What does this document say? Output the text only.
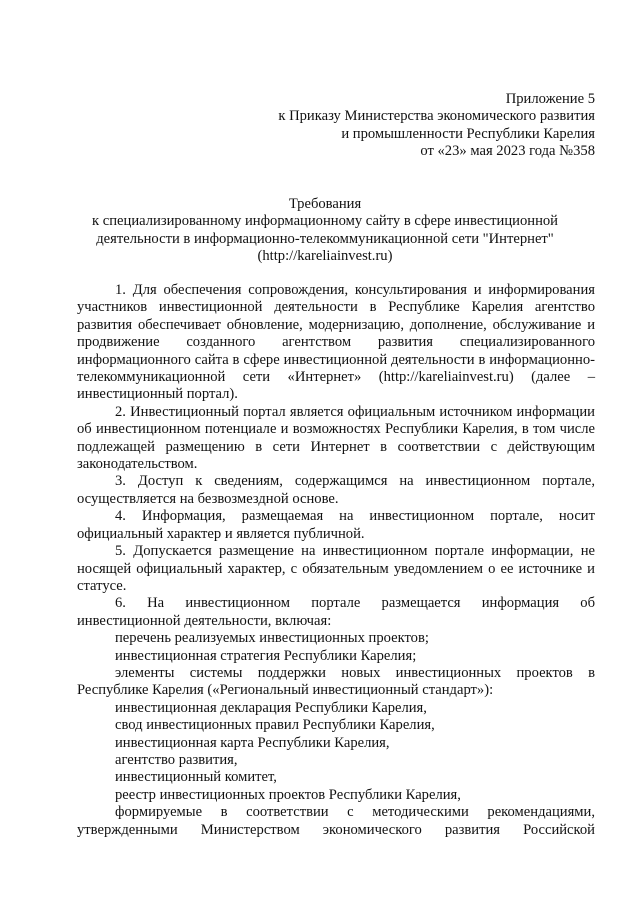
Приложение 5
к Приказу Министерства экономического развития
и промышленности Республики Карелия
от «23» мая 2023 года №358
Требования
к специализированному информационному сайту в сфере инвестиционной
деятельности в информационно-телекоммуникационной сети "Интернет"
(http://kareliainvest.ru)

1. Для обеспечения сопровождения, консультирования и информирования участников инвестиционной деятельности в Республике Карелия агентство развития обеспечивает обновление, модернизацию, дополнение, обслуживание и продвижение созданного агентством развития специализированного информационного сайта в сфере инвестиционной деятельности в информационно-телекоммуникационной сети «Интернет» (http://kareliainvest.ru) (далее – инвестиционный портал).

2. Инвестиционный портал является официальным источником информации об инвестиционном потенциале и возможностях Республики Карелия, в том числе подлежащей размещению в сети Интернет в соответствии с действующим законодательством.

3. Доступ к сведениям, содержащимся на инвестиционном портале, осуществляется на безвозмездной основе.

4. Информация, размещаемая на инвестиционном портале, носит официальный характер и является публичной.

5. Допускается размещение на инвестиционном портале информации, не носящей официальный характер, с обязательным уведомлением о ее источнике и статусе.

6. На инвестиционном портале размещается информация об инвестиционной деятельности, включая:

перечень реализуемых инвестиционных проектов;

инвестиционная стратегия Республики Карелия;

элементы системы поддержки новых инвестиционных проектов в Республике Карелия («Региональный инвестиционный стандарт»):

инвестиционная декларация Республики Карелия,

свод инвестиционных правил Республики Карелия,

инвестиционная карта Республики Карелия,

агентство развития,

инвестиционный комитет,

реестр инвестиционных проектов Республики Карелия,

формируемые в соответствии с методическими рекомендациями, утвержденными Министерством экономического развития Российской
